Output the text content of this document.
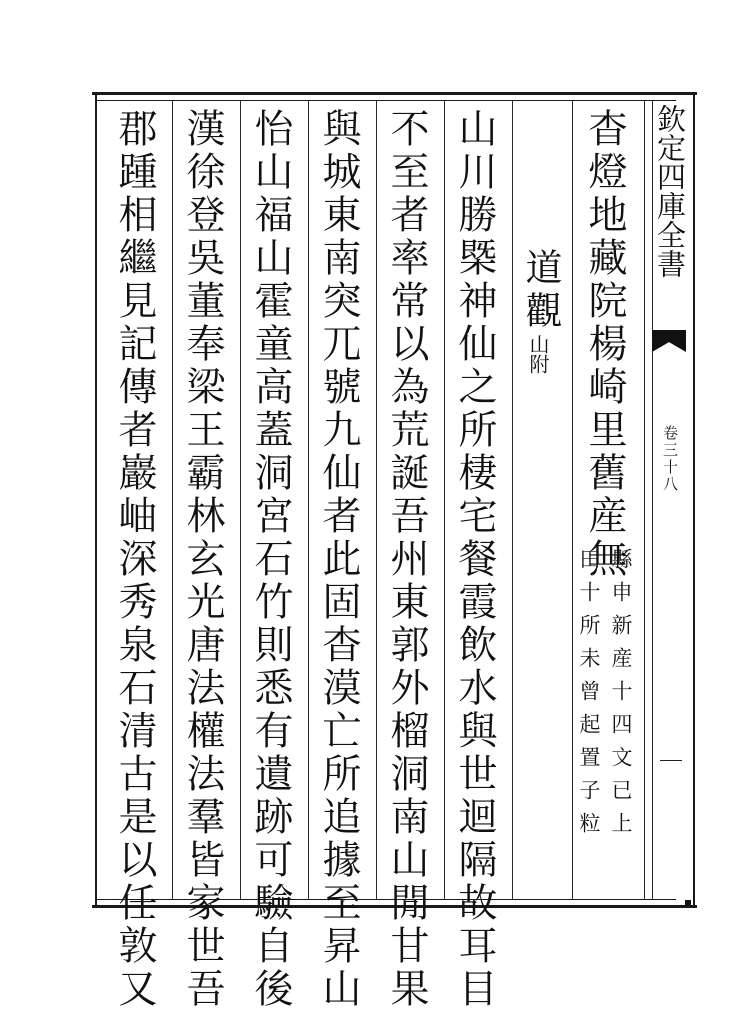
欽定四庫全書
卷三十八
杳燈地藏院楊崎里舊産無
縣申新産十四文已上
田十所未曾起置子粒
道觀
山附
山川勝槩神仙之所棲宅餐霞飲水與世迴隔故耳目
不至者率常以為荒誕吾州東郭外榴洞南山閒甘果
與城東南突兀號九仙者此固杳漠亡所追據至昇山
怡山福山霍童高蓋洞宮石竹則悉有遺跡可驗自後
漢徐登吳董奉梁王霸林玄光唐法權法羣皆家世吾
郡踵相繼見記傳者巖岫深秀泉石清古是以任敦又
